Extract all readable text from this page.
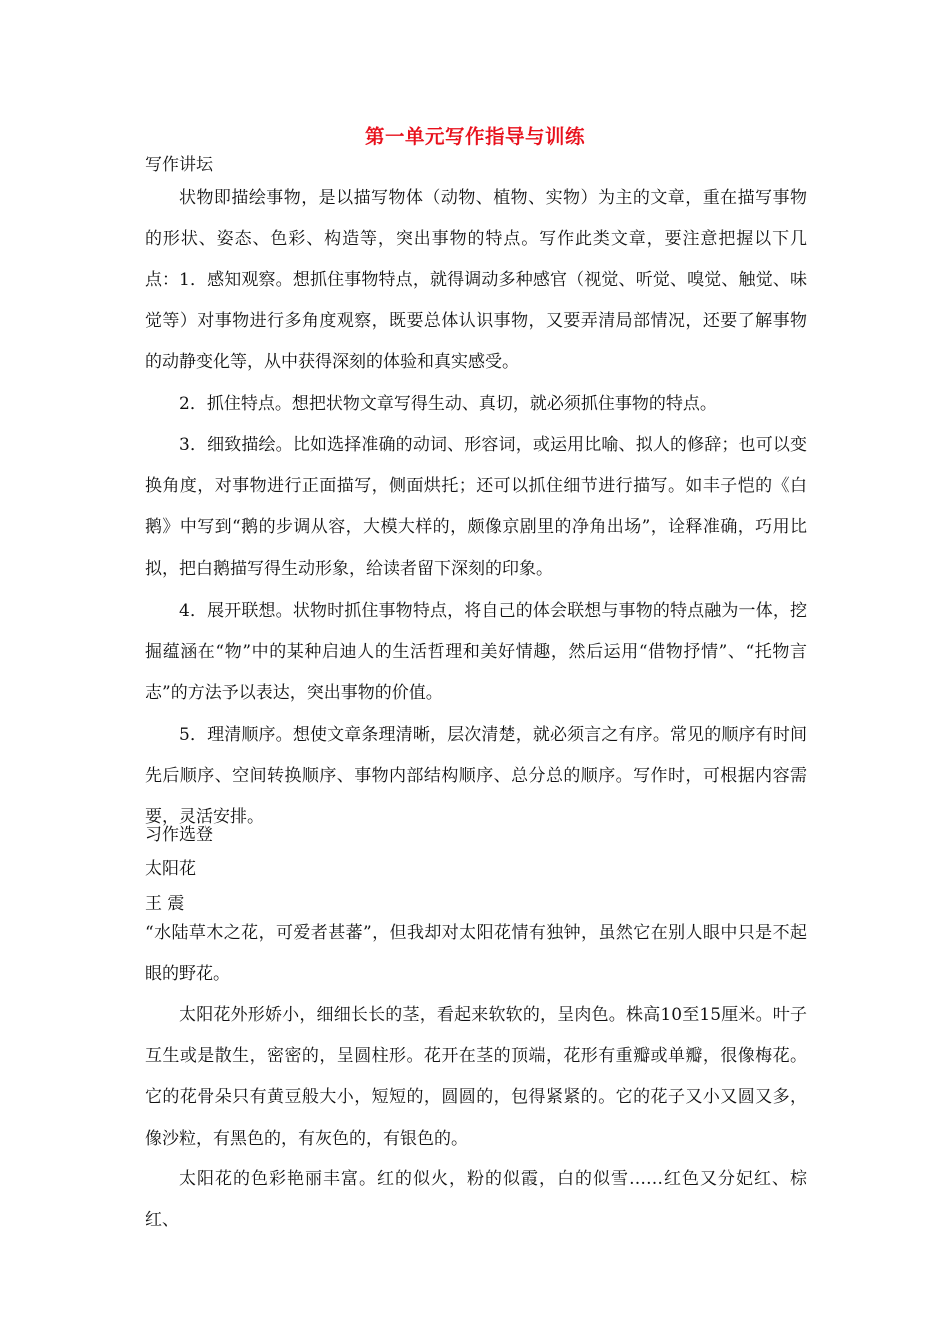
第一单元写作指导与训练
写作讲坛
状物即描绘事物，是以描写物体（动物、植物、实物）为主的文章，重在描写事物的形状、姿态、色彩、构造等，突出事物的特点。写作此类文章，要注意把握以下几点： 1．感知观察。想抓住事物特点，就得调动多种感官（视觉、听觉、嗅觉、触觉、味觉等）对事物进行多角度观察，既要总体认识事物，又要弄清局部情况，还要了解事物的动静变化等，从中获得深刻的体验和真实感受。
2．抓住特点。想把状物文章写得生动、真切，就必须抓住事物的特点。
3．细致描绘。比如选择准确的动词、形容词，或运用比喻、拟人的修辞；也可以变换角度，对事物进行正面描写，侧面烘托；还可以抓住细节进行描写。如丰子恺的《白鹅》中写到“鹅的步调从容，大模大样的，颇像京剧里的净角出场”，诠释准确，巧用比拟，把白鹅描写得生动形象，给读者留下深刻的印象。
4．展开联想。状物时抓住事物特点，将自己的体会联想与事物的特点融为一体，挖掘蕴涵在“物”中的某种启迪人的生活哲理和美好情趣，然后运用“借物抒情”、“托物言志”的方法予以表达，突出事物的价值。
5．理清顺序。想使文章条理清晰，层次清楚，就必须言之有序。常见的顺序有时间先后顺序、空间转换顺序、事物内部结构顺序、总分总的顺序。写作时，可根据内容需要，灵活安排。
习作选登
太阳花
王 震
“水陆草木之花，可爱者甚蕃”，但我却对太阳花情有独钟，虽然它在别人眼中只是不起眼的野花。
太阳花外形娇小，细细长长的茎，看起来软软的，呈肉色。株高10至15厘米。叶子互生或是散生，密密的，呈圆柱形。花开在茎的顶端，花形有重瓣或单瓣，很像梅花。它的花骨朵只有黄豆般大小，短短的，圆圆的，包得紧紧的。它的花子又小又圆又多，像沙粒，有黑色的，有灰色的，有银色的。
太阳花的色彩艳丽丰富。红的似火，粉的似霞，白的似雪……红色又分妃红、棕红、
